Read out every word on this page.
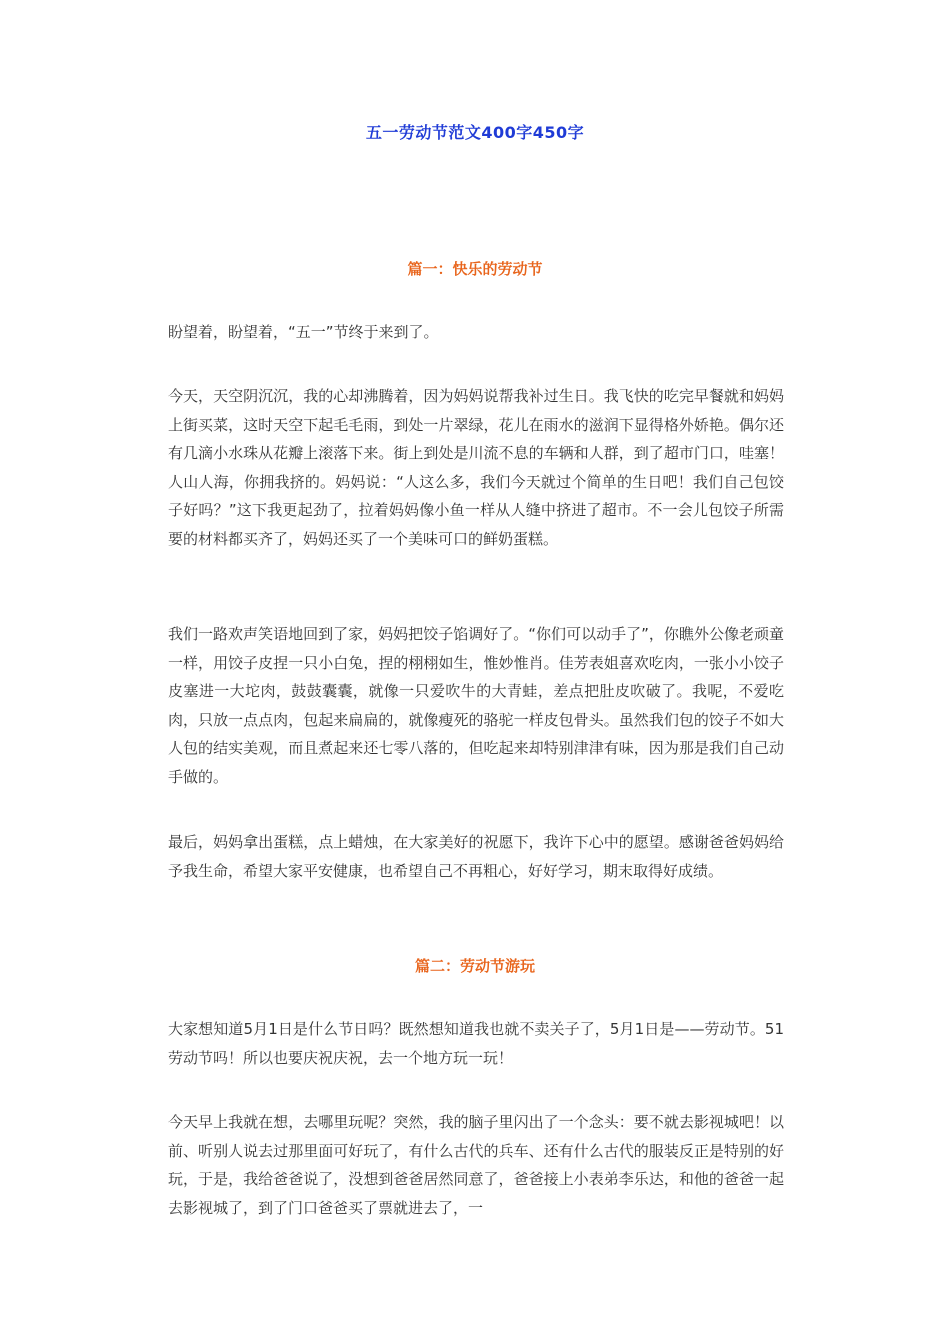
五一劳动节范文400字450字
篇一：快乐的劳动节

盼望着，盼望着，“五一”节终于来到了。

今天，天空阴沉沉，我的心却沸腾着，因为妈妈说帮我补过生日。我飞快的吃完早餐就和妈妈上街买菜，这时天空下起毛毛雨，到处一片翠绿，花儿在雨水的滋润下显得格外娇艳。偶尔还有几滴小水珠从花瓣上滚落下来。街上到处是川流不息的车辆和人群，到了超市门口，哇塞！人山人海，你拥我挤的。妈妈说：“人这么多，我们今天就过个简单的生日吧！我们自己包饺子好吗？”这下我更起劲了，拉着妈妈像小鱼一样从人缝中挤进了超市。不一会儿包饺子所需要的材料都买齐了，妈妈还买了一个美味可口的鲜奶蛋糕。

我们一路欢声笑语地回到了家，妈妈把饺子馅调好了。“你们可以动手了”，你瞧外公像老顽童一样，用饺子皮捏一只小白兔，捏的栩栩如生，惟妙惟肖。佳芳表姐喜欢吃肉，一张小小饺子皮塞进一大坨肉，鼓鼓囊囊，就像一只爱吹牛的大青蛙，差点把肚皮吹破了。我呢，不爱吃肉，只放一点点肉，包起来扁扁的，就像瘦死的骆驼一样皮包骨头。虽然我们包的饺子不如大人包的结实美观，而且煮起来还七零八落的，但吃起来却特别津津有味，因为那是我们自己动手做的。

最后，妈妈拿出蛋糕，点上蜡烛，在大家美好的祝愿下，我许下心中的愿望。感谢爸爸妈妈给予我生命，希望大家平安健康，也希望自己不再粗心，好好学习，期末取得好成绩。

篇二：劳动节游玩

大家想知道5月1日是什么节日吗？既然想知道我也就不卖关子了，5月1日是——劳动节。51劳动节吗！所以也要庆祝庆祝，去一个地方玩一玩！

今天早上我就在想，去哪里玩呢？突然，我的脑子里闪出了一个念头：要不就去影视城吧！以前、听别人说去过那里面可好玩了，有什么古代的兵车、还有什么古代的服装反正是特别的好玩，于是，我给爸爸说了，没想到爸爸居然同意了，爸爸接上小表弟李乐达，和他的爸爸一起去影视城了，到了门口爸爸买了票就进去了，一
